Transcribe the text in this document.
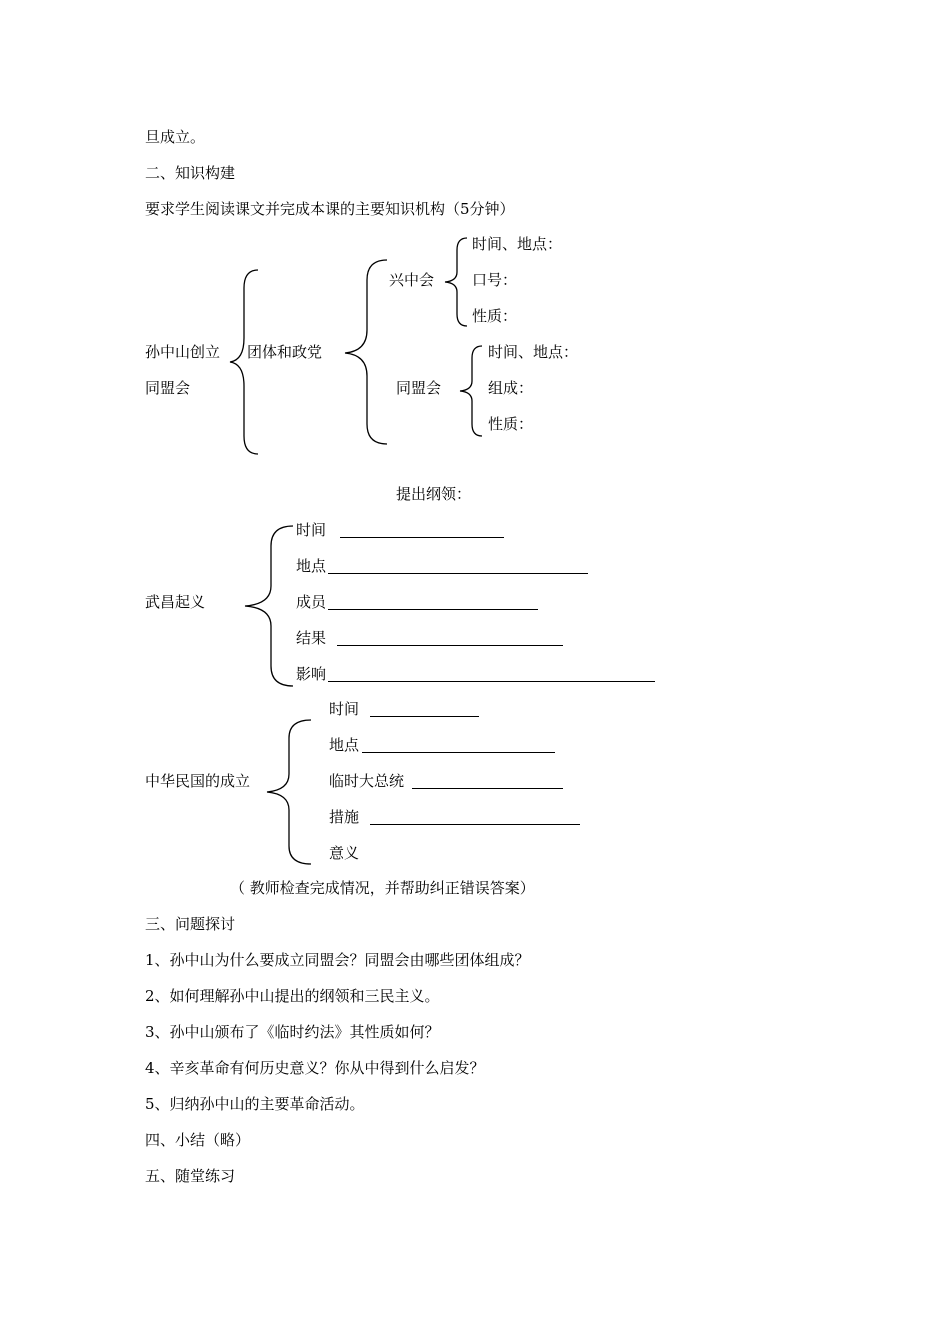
旦成立。
二、知识构建
要求学生阅读课文并完成本课的主要知识机构（5分钟）
孙中山创立
同盟会
团体和政党
兴中会
时间、地点：
口号：
性质：
同盟会
时间、地点：
组成：
性质：
提出纲领：
武昌起义
时间
地点
成员
结果
影响
中华民国的成立
时间
地点
临时大总统
措施
意义
（ 教师检查完成情况，并帮助纠正错误答案）
三、问题探讨
1、孙中山为什么要成立同盟会？同盟会由哪些团体组成？
2、如何理解孙中山提出的纲领和三民主义。
3、孙中山颁布了《临时约法》其性质如何？
4、辛亥革命有何历史意义？你从中得到什么启发？
5、归纳孙中山的主要革命活动。
四、小结（略）
五、随堂练习
